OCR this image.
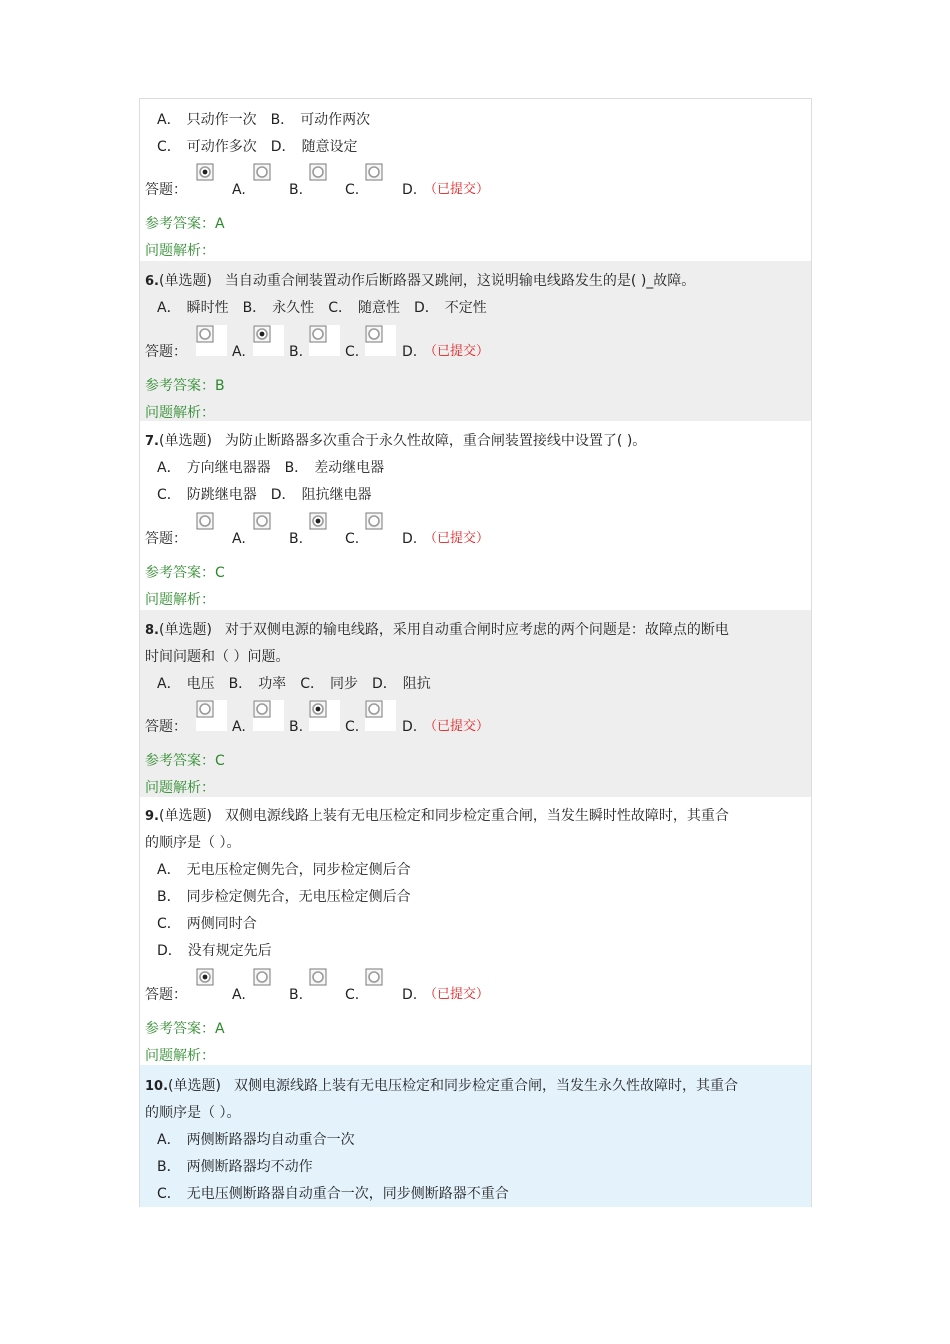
A． 只动作一次 B． 可动作两次
C． 可动作多次 D． 随意设定
答题：	A.	B.	C.	D. （已提交）
参考答案：A
问题解析：
6.(单选题) 当自动重合闸装置动作后断路器又跳闸，这说明输电线路发生的是( )_故障。
A． 瞬时性 B． 永久性 C． 随意性 D． 不定性
答题：	A.	B.	C.	D. （已提交）
参考答案：B
问题解析：
7.(单选题) 为防止断路器多次重合于永久性故障，重合闸装置接线中设置了( )。
A． 方向继电器器 B． 差动继电器
C． 防跳继电器 D． 阻抗继电器
答题：	A.	B.	C.	D. （已提交）
参考答案：C
问题解析：
8.(单选题) 对于双侧电源的输电线路，采用自动重合闸时应考虑的两个问题是：故障点的断电
时间问题和（ ）问题。
A． 电压 B． 功率 C． 同步 D． 阻抗
答题：	A.	B.	C.	D. （已提交）
参考答案：C
问题解析：
9.(单选题) 双侧电源线路上装有无电压检定和同步检定重合闸，当发生瞬时性故障时，其重合
的顺序是（ ）。
A． 无电压检定侧先合，同步检定侧后合
B． 同步检定侧先合，无电压检定侧后合
C． 两侧同时合
D． 没有规定先后
答题：	A.	B.	C.	D. （已提交）
参考答案：A
问题解析：
10.(单选题) 双侧电源线路上装有无电压检定和同步检定重合闸，当发生永久性故障时，其重合
的顺序是（ ）。
A． 两侧断路器均自动重合一次
B． 两侧断路器均不动作
C． 无电压侧断路器自动重合一次，同步侧断路器不重合
